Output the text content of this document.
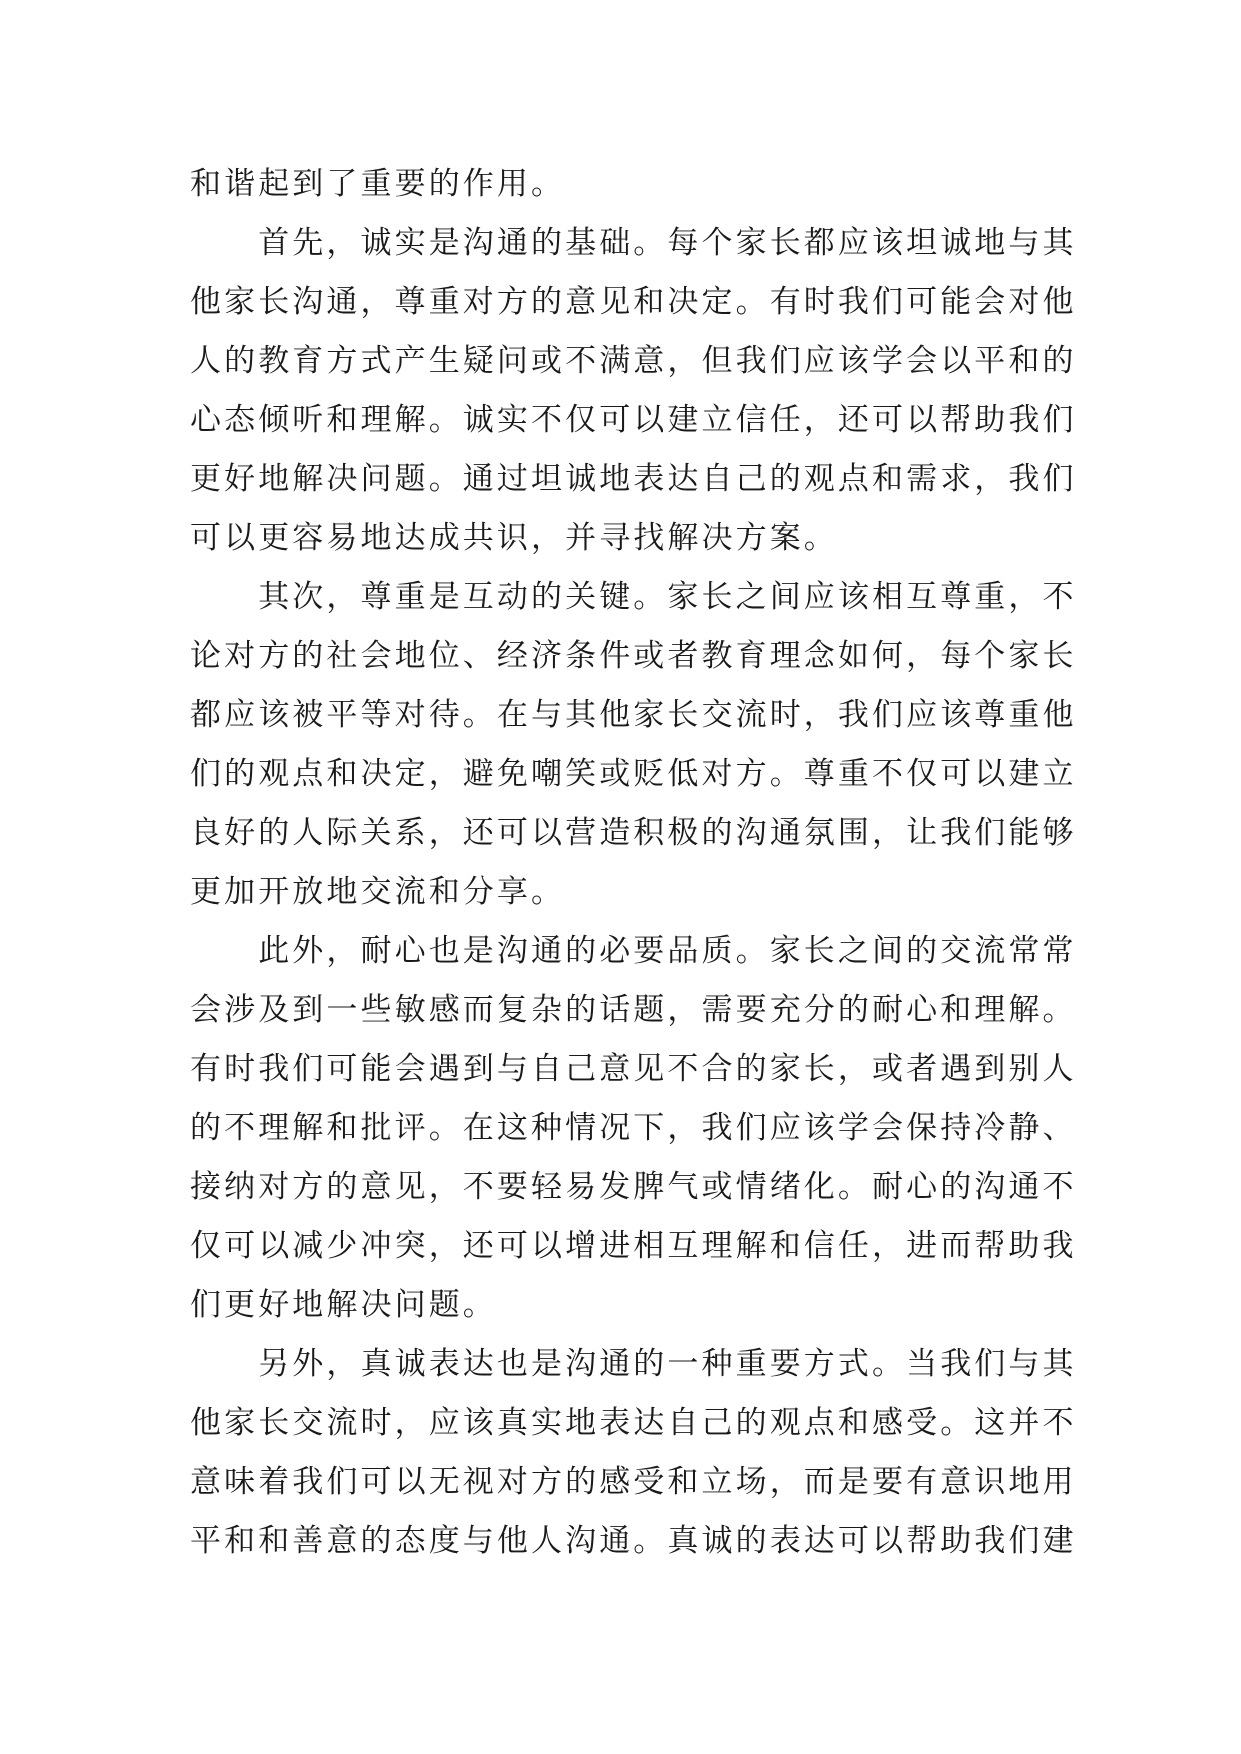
和谐起到了重要的作用。
　　首先，诚实是沟通的基础。每个家长都应该坦诚地与其
他家长沟通，尊重对方的意见和决定。有时我们可能会对他
人的教育方式产生疑问或不满意，但我们应该学会以平和的
心态倾听和理解。诚实不仅可以建立信任，还可以帮助我们
更好地解决问题。通过坦诚地表达自己的观点和需求，我们
可以更容易地达成共识，并寻找解决方案。
　　其次，尊重是互动的关键。家长之间应该相互尊重，不
论对方的社会地位、经济条件或者教育理念如何，每个家长
都应该被平等对待。在与其他家长交流时，我们应该尊重他
们的观点和决定，避免嘲笑或贬低对方。尊重不仅可以建立
良好的人际关系，还可以营造积极的沟通氛围，让我们能够
更加开放地交流和分享。
　　此外，耐心也是沟通的必要品质。家长之间的交流常常
会涉及到一些敏感而复杂的话题，需要充分的耐心和理解。
有时我们可能会遇到与自己意见不合的家长，或者遇到别人
的不理解和批评。在这种情况下，我们应该学会保持冷静、
接纳对方的意见，不要轻易发脾气或情绪化。耐心的沟通不
仅可以减少冲突，还可以增进相互理解和信任，进而帮助我
们更好地解决问题。
　　另外，真诚表达也是沟通的一种重要方式。当我们与其
他家长交流时，应该真实地表达自己的观点和感受。这并不
意味着我们可以无视对方的感受和立场，而是要有意识地用
平和和善意的态度与他人沟通。真诚的表达可以帮助我们建
